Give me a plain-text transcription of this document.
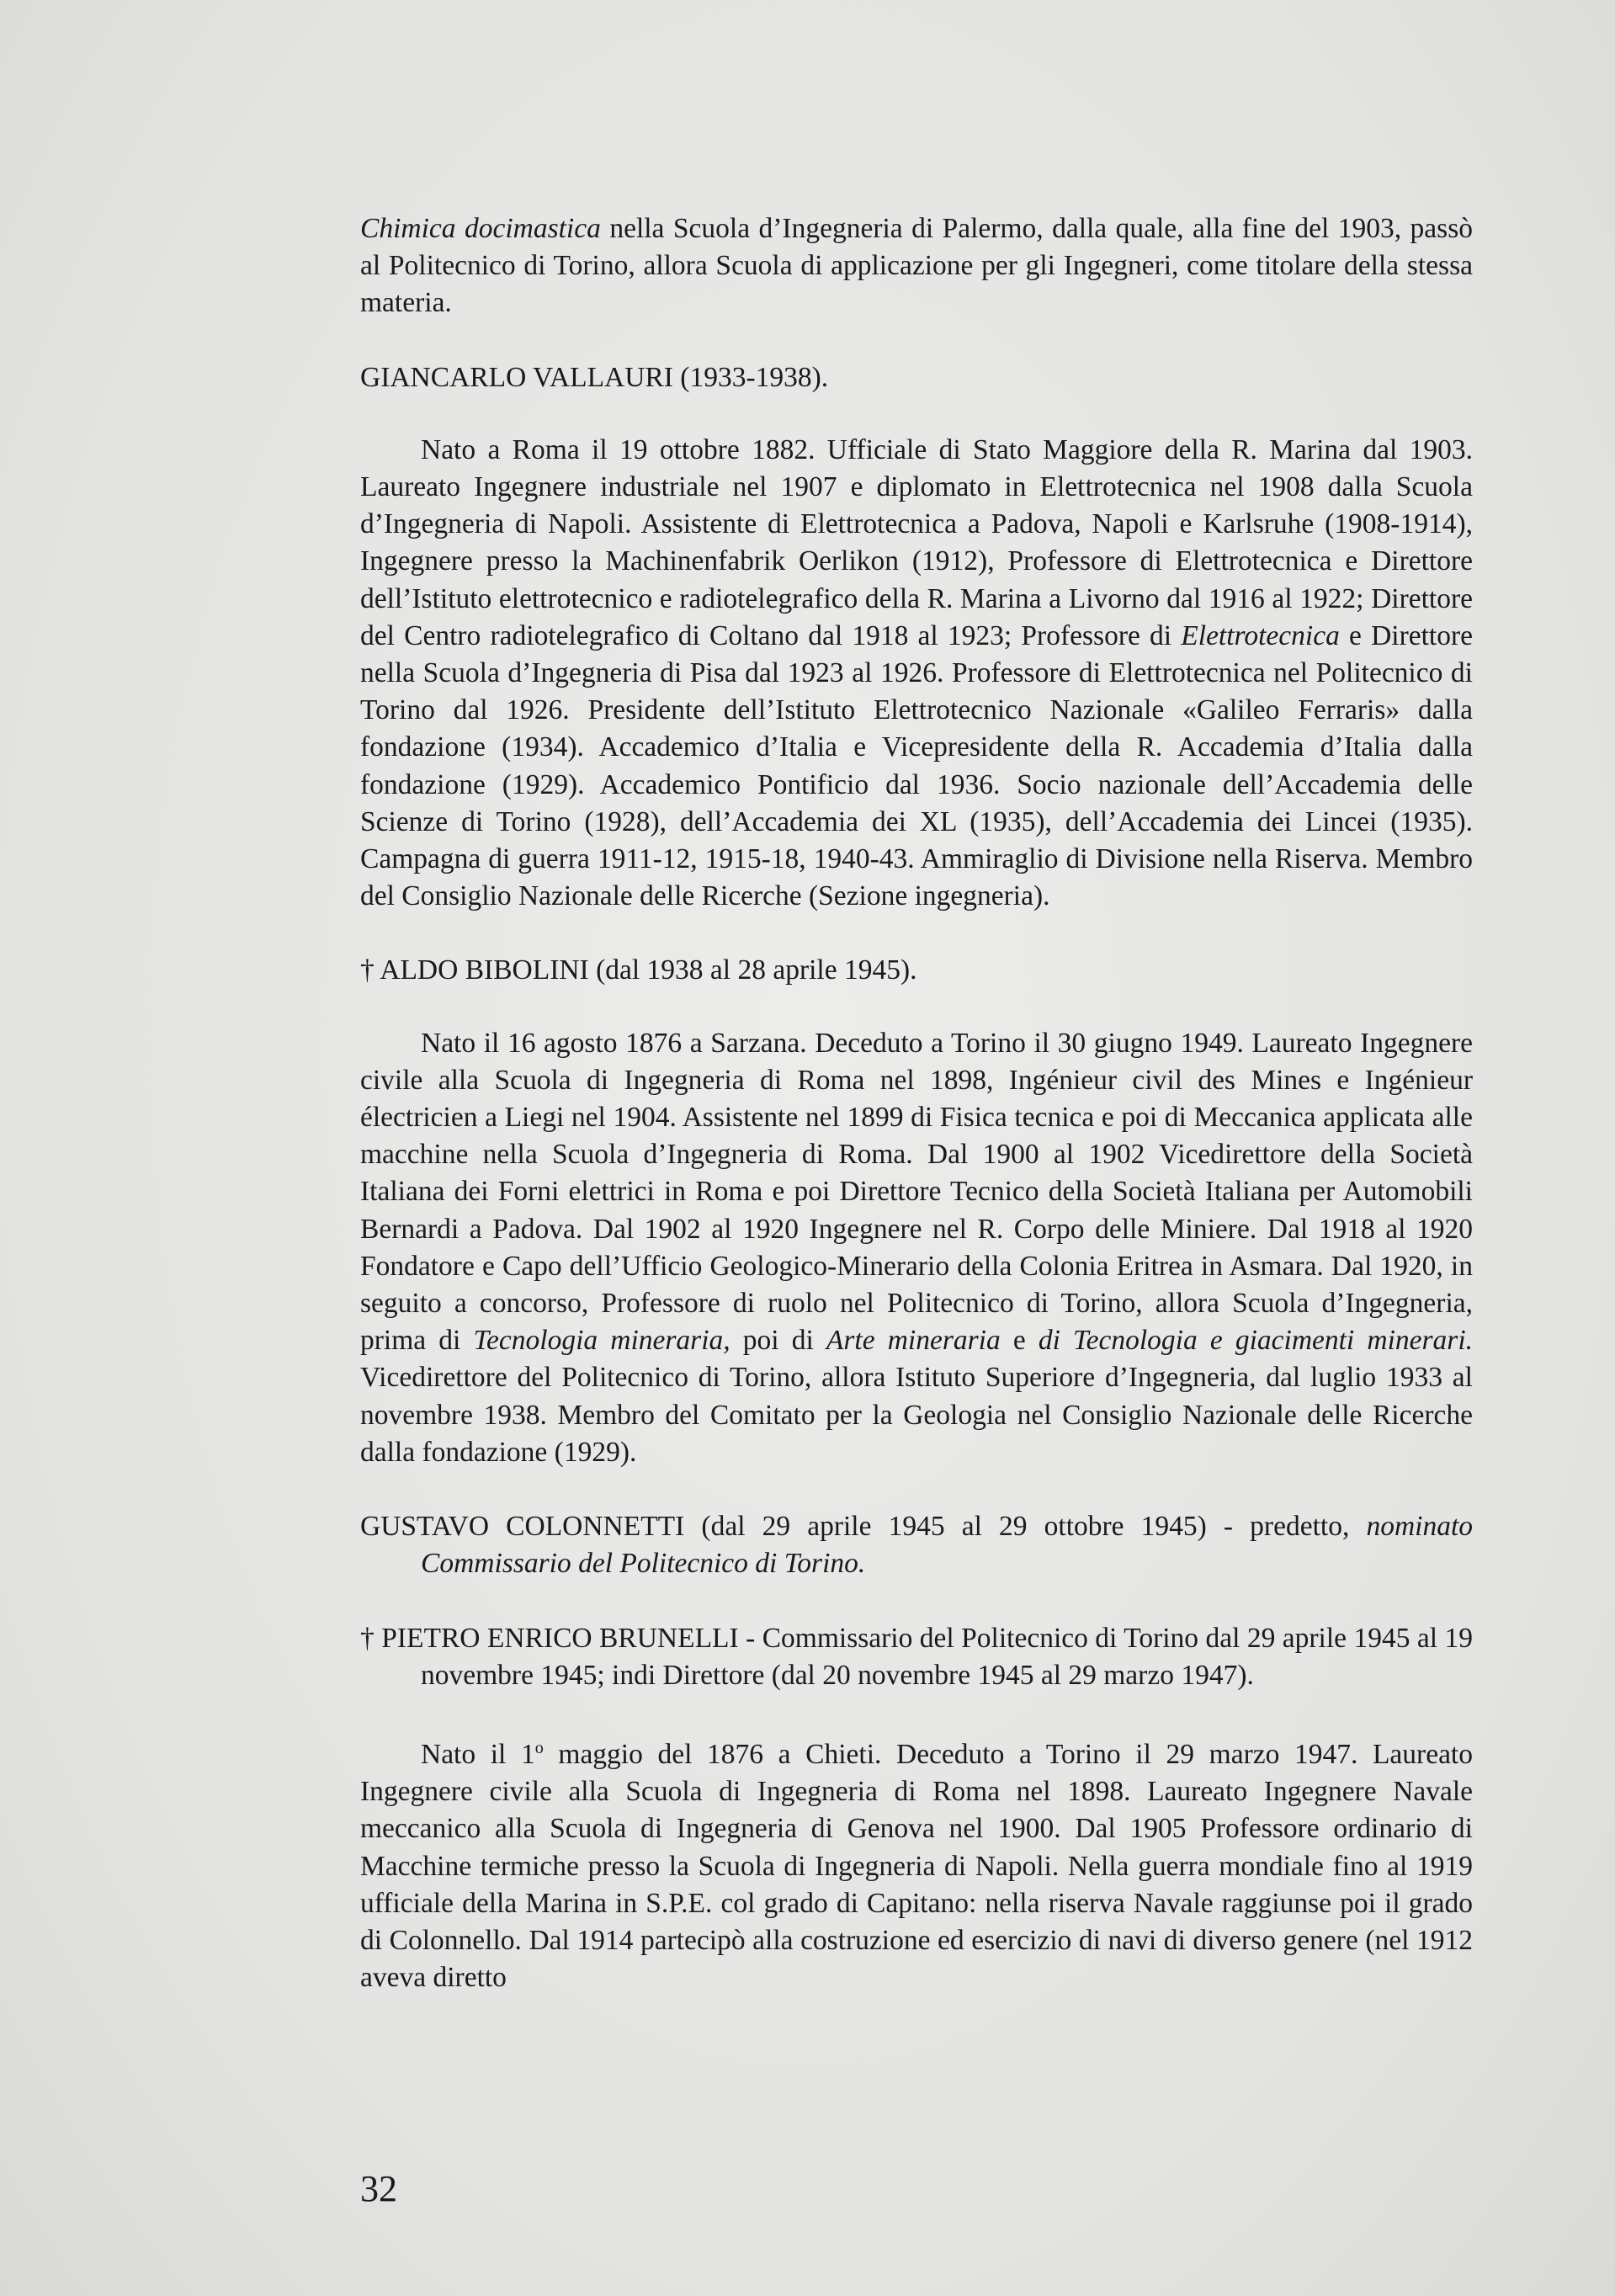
Chimica docimastica nella Scuola d’Ingegneria di Palermo, dalla quale, alla fine del 1903, passò al Politecnico di Torino, allora Scuola di applicazione per gli Ingegneri, come titolare della stessa materia.

GIANCARLO VALLAURI (1933-1938).

Nato a Roma il 19 ottobre 1882. Ufficiale di Stato Maggiore della R. Marina dal 1903. Laureato Ingegnere industriale nel 1907 e diplomato in Elettrotecnica nel 1908 dalla Scuola d’Ingegneria di Napoli. Assistente di Elettrotecnica a Padova, Napoli e Karlsruhe (1908-1914), Ingegnere presso la Machinenfabrik Oerlikon (1912), Professore di Elettrotecnica e Direttore dell’Istituto elettrotecnico e radiotelegrafico della R. Marina a Livorno dal 1916 al 1922; Direttore del Centro radiotelegrafico di Coltano dal 1918 al 1923; Professore di Elettrotecnica e Direttore nella Scuola d’Ingegneria di Pisa dal 1923 al 1926. Professore di Elettrotecnica nel Politecnico di Torino dal 1926. Presidente dell’Istituto Elettrotecnico Nazionale «Galileo Ferraris» dalla fondazione (1934). Accademico d’Italia e Vicepresidente della R. Accademia d’Italia dalla fondazione (1929). Accademico Pontificio dal 1936. Socio nazionale dell’Accademia delle Scienze di Torino (1928), dell’Accademia dei XL (1935), dell’Accademia dei Lincei (1935). Campagna di guerra 1911-12, 1915-18, 1940-43. Ammiraglio di Divisione nella Riserva. Membro del Consiglio Nazionale delle Ricerche (Sezione ingegneria).

† ALDO BIBOLINI (dal 1938 al 28 aprile 1945).

Nato il 16 agosto 1876 a Sarzana. Deceduto a Torino il 30 giugno 1949. Laureato Ingegnere civile alla Scuola di Ingegneria di Roma nel 1898, Ingénieur civil des Mines e Ingénieur électricien a Liegi nel 1904. Assistente nel 1899 di Fisica tecnica e poi di Meccanica applicata alle macchine nella Scuola d’Ingegneria di Roma. Dal 1900 al 1902 Vicedirettore della Società Italiana dei Forni elettrici in Roma e poi Direttore Tecnico della Società Italiana per Automobili Bernardi a Padova. Dal 1902 al 1920 Ingegnere nel R. Corpo delle Miniere. Dal 1918 al 1920 Fondatore e Capo dell’Ufficio Geologico-Minerario della Colonia Eritrea in Asmara. Dal 1920, in seguito a concorso, Professore di ruolo nel Politecnico di Torino, allora Scuola d’Ingegneria, prima di Tecnologia mineraria, poi di Arte mineraria e di Tecnologia e giacimenti minerari. Vicedirettore del Politecnico di Torino, allora Istituto Superiore d’Ingegneria, dal luglio 1933 al novembre 1938. Membro del Comitato per la Geologia nel Consiglio Nazionale delle Ricerche dalla fondazione (1929).

GUSTAVO COLONNETTI (dal 29 aprile 1945 al 29 ottobre 1945) - predetto, nominato Commissario del Politecnico di Torino.

† PIETRO ENRICO BRUNELLI - Commissario del Politecnico di Torino dal 29 aprile 1945 al 19 novembre 1945; indi Direttore (dal 20 novembre 1945 al 29 marzo 1947).

Nato il 1$^o$ maggio del 1876 a Chieti. Deceduto a Torino il 29 marzo 1947. Laureato Ingegnere civile alla Scuola di Ingegneria di Roma nel 1898. Laureato Ingegnere Navale meccanico alla Scuola di Ingegneria di Genova nel 1900. Dal 1905 Professore ordinario di Macchine termiche presso la Scuola di Ingegneria di Napoli. Nella guerra mondiale fino al 1919 ufficiale della Marina in S.P.E. col grado di Capitano: nella riserva Navale raggiunse poi il grado di Colonnello. Dal 1914 partecipò alla costruzione ed esercizio di navi di diverso genere (nel 1912 aveva diretto

32
